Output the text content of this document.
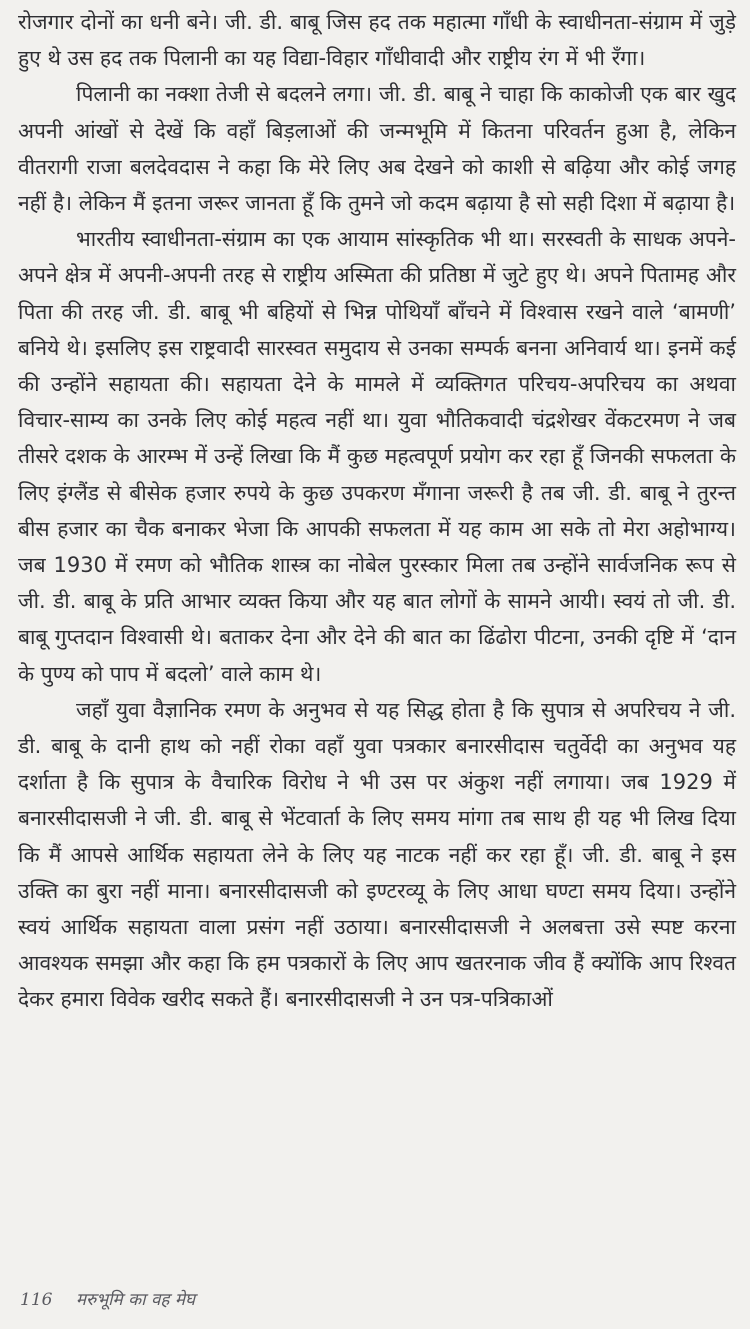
रोजगार दोनों का धनी बने। जी. डी. बाबू जिस हद तक महात्मा गाँधी के स्वाधीनता-संग्राम में जुड़े हुए थे उस हद तक पिलानी का यह विद्या-विहार गाँधीवादी और राष्ट्रीय रंग में भी रँगा।

पिलानी का नक्शा तेजी से बदलने लगा। जी. डी. बाबू ने चाहा कि काकोजी एक बार खुद अपनी आंखों से देखें कि वहाँ बिड़लाओं की जन्मभूमि में कितना परिवर्तन हुआ है, लेकिन वीतरागी राजा बलदेवदास ने कहा कि मेरे लिए अब देखने को काशी से बढ़िया और कोई जगह नहीं है। लेकिन मैं इतना जरूर जानता हूँ कि तुमने जो कदम बढ़ाया है सो सही दिशा में बढ़ाया है।

भारतीय स्वाधीनता-संग्राम का एक आयाम सांस्कृतिक भी था। सरस्वती के साधक अपने-अपने क्षेत्र में अपनी-अपनी तरह से राष्ट्रीय अस्मिता की प्रतिष्ठा में जुटे हुए थे। अपने पितामह और पिता की तरह जी. डी. बाबू भी बहियों से भिन्न पोथियाँ बाँचने में विश्वास रखने वाले ‘बामणी’ बनिये थे। इसलिए इस राष्ट्रवादी सारस्वत समुदाय से उनका सम्पर्क बनना अनिवार्य था। इनमें कई की उन्होंने सहायता की। सहायता देने के मामले में व्यक्तिगत परिचय-अपरिचय का अथवा विचार-साम्य का उनके लिए कोई महत्व नहीं था। युवा भौतिकवादी चंद्रशेखर वेंकटरमण ने जब तीसरे दशक के आरम्भ में उन्हें लिखा कि मैं कुछ महत्वपूर्ण प्रयोग कर रहा हूँ जिनकी सफलता के लिए इंग्लैंड से बीसेक हजार रुपये के कुछ उपकरण मँगाना जरूरी है तब जी. डी. बाबू ने तुरन्त बीस हजार का चैक बनाकर भेजा कि आपकी सफलता में यह काम आ सके तो मेरा अहोभाग्य। जब 1930 में रमण को भौतिक शास्त्र का नोबेल पुरस्कार मिला तब उन्होंने सार्वजनिक रूप से जी. डी. बाबू के प्रति आभार व्यक्त किया और यह बात लोगों के सामने आयी। स्वयं तो जी. डी. बाबू गुप्तदान विश्वासी थे। बताकर देना और देने की बात का ढिंढोरा पीटना, उनकी दृष्टि में ‘दान के पुण्य को पाप में बदलो’ वाले काम थे।

जहाँ युवा वैज्ञानिक रमण के अनुभव से यह सिद्ध होता है कि सुपात्र से अपरिचय ने जी. डी. बाबू के दानी हाथ को नहीं रोका वहाँ युवा पत्रकार बनारसीदास चतुर्वेदी का अनुभव यह दर्शाता है कि सुपात्र के वैचारिक विरोध ने भी उस पर अंकुश नहीं लगाया। जब 1929 में बनारसीदासजी ने जी. डी. बाबू से भेंटवार्ता के लिए समय मांगा तब साथ ही यह भी लिख दिया कि मैं आपसे आर्थिक सहायता लेने के लिए यह नाटक नहीं कर रहा हूँ। जी. डी. बाबू ने इस उक्ति का बुरा नहीं माना। बनारसीदासजी को इण्टरव्यू के लिए आधा घण्टा समय दिया। उन्होंने स्वयं आर्थिक सहायता वाला प्रसंग नहीं उठाया। बनारसीदासजी ने अलबत्ता उसे स्पष्ट करना आवश्यक समझा और कहा कि हम पत्रकारों के लिए आप खतरनाक जीव हैं क्योंकि आप रिश्वत देकर हमारा विवेक खरीद सकते हैं। बनारसीदासजी ने उन पत्र-पत्रिकाओं

116 मरुभूमि का वह मेघ
